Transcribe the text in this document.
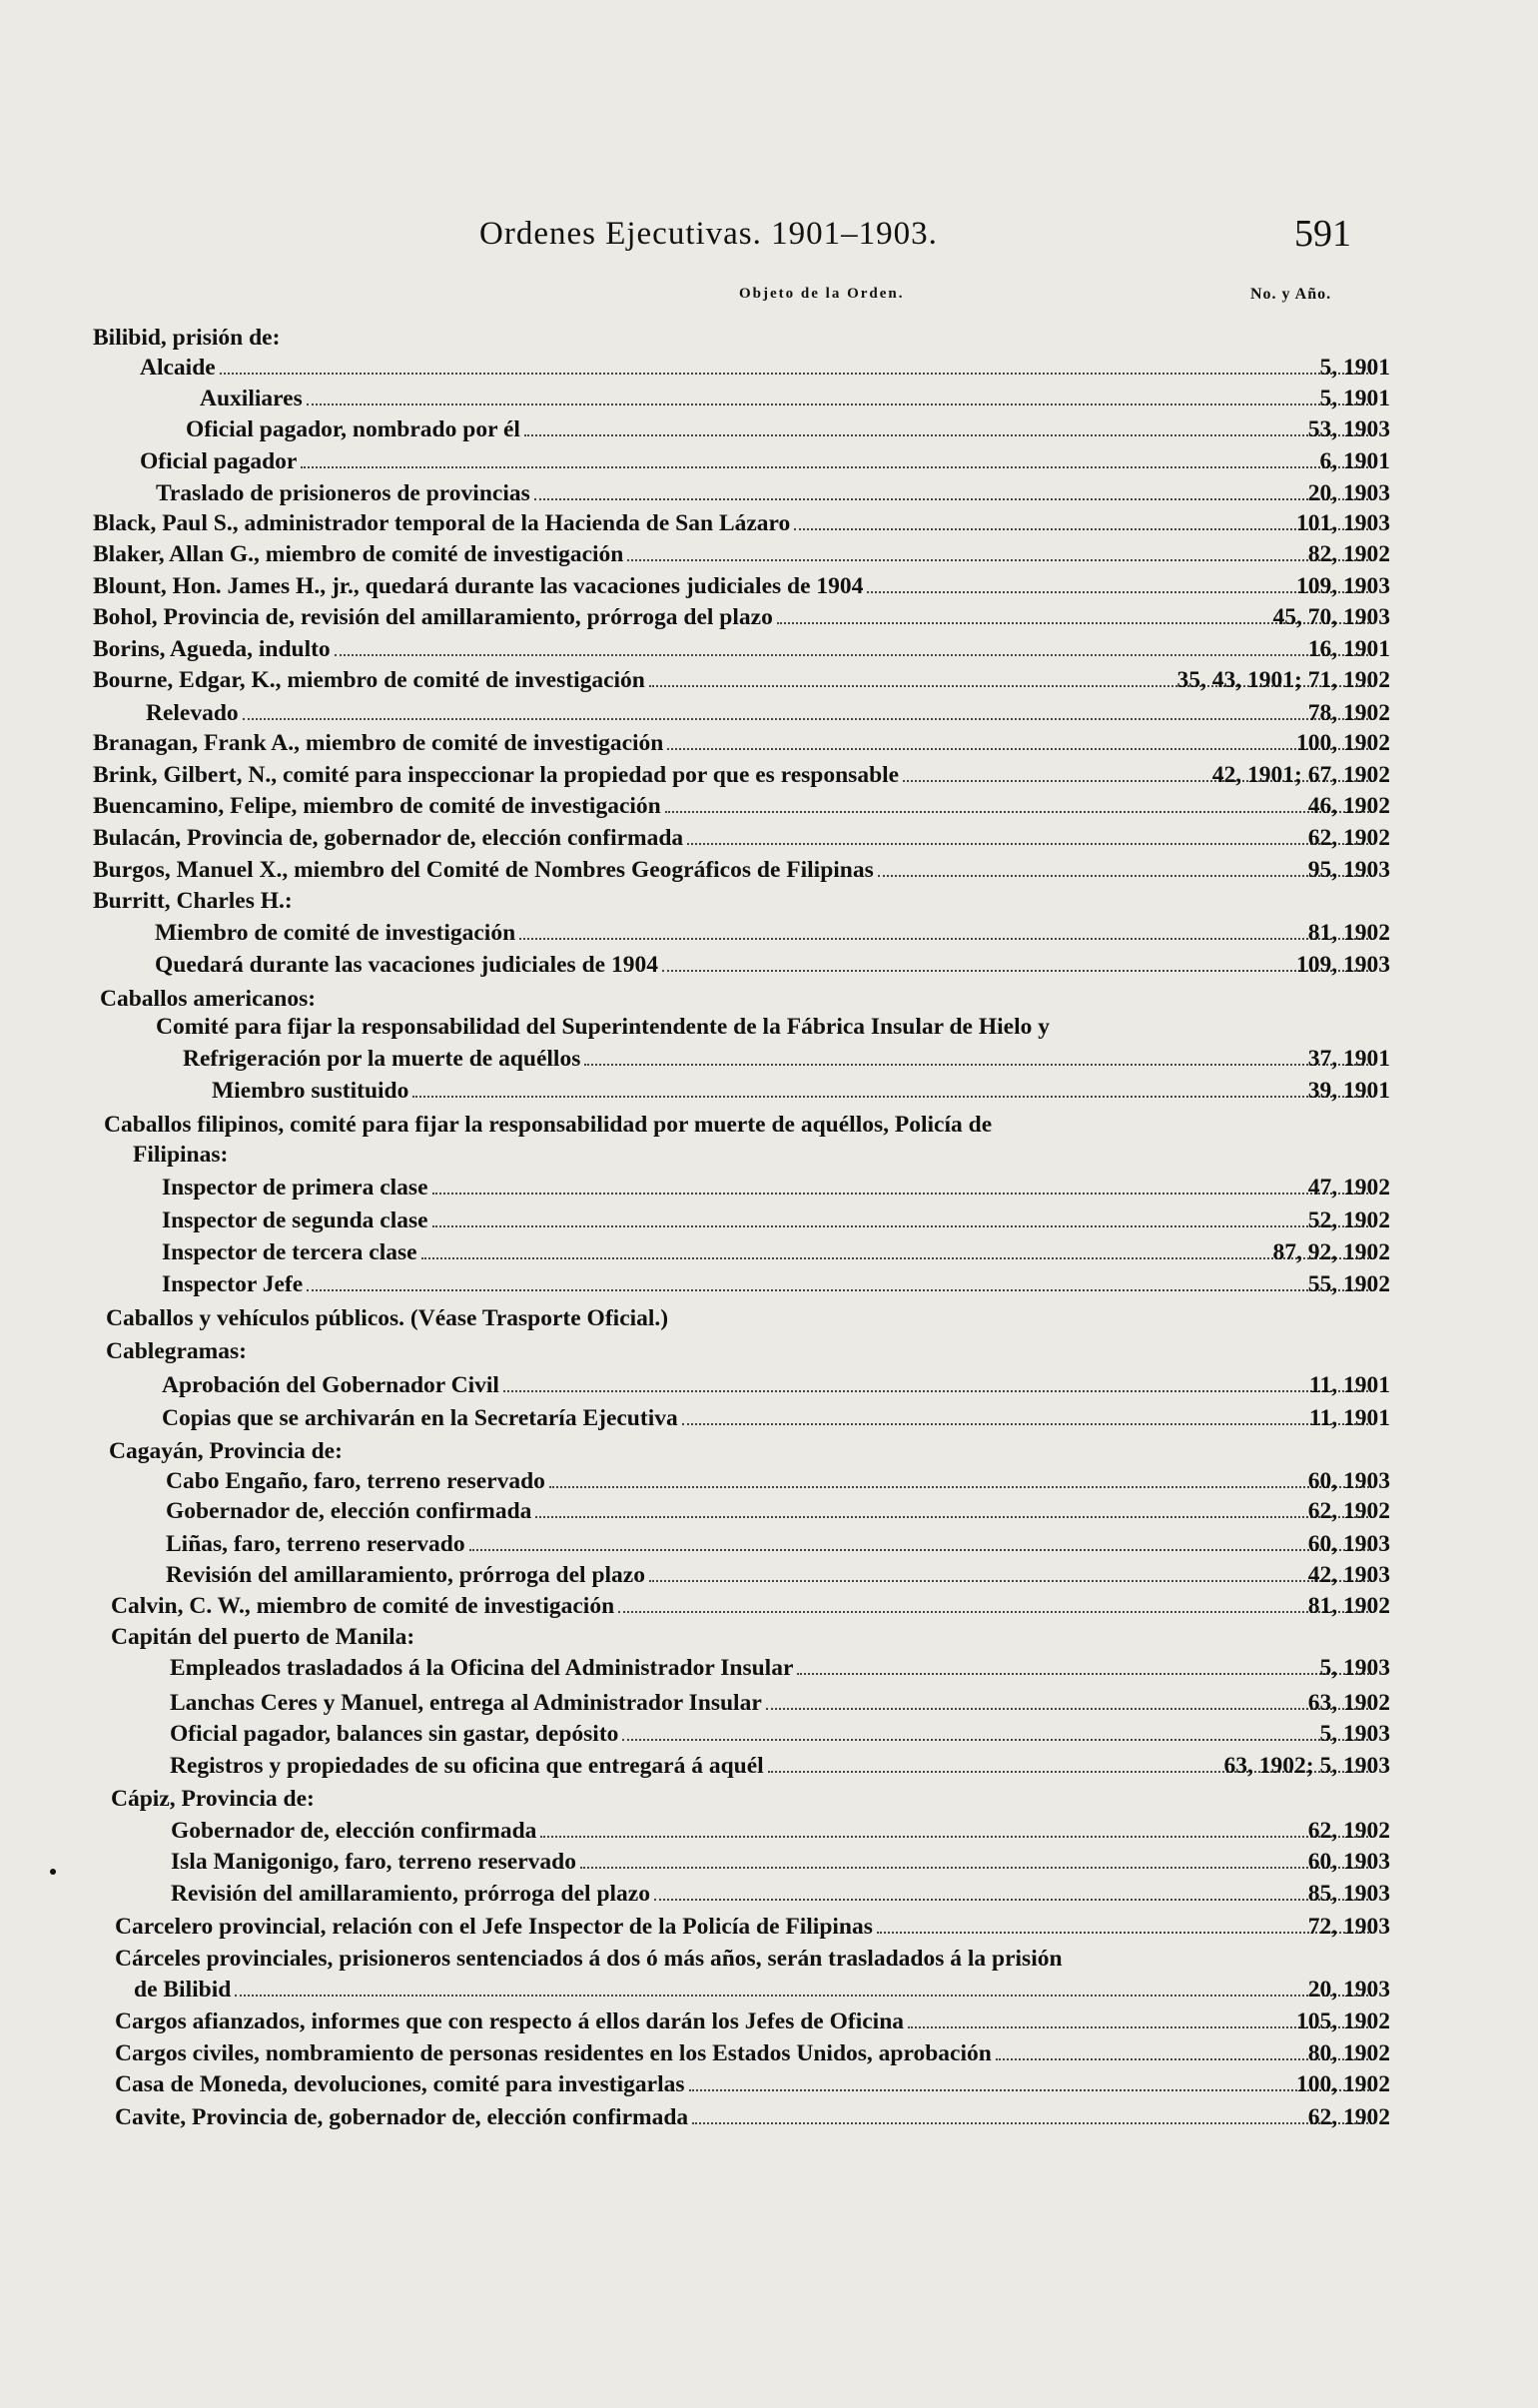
Ordenes Ejecutivas. 1901–1903.	591
Objeto de la Orden.	No. y Año.
Bilibid, prisión de:
Alcaide	5, 1901
Auxiliares	5, 1901
Oficial pagador, nombrado por él	53, 1903
Oficial pagador	6, 1901
Traslado de prisioneros de provincias	20, 1903
Black, Paul S., administrador temporal de la Hacienda de San Lázaro	101, 1903
Blaker, Allan G., miembro de comité de investigación	82, 1902
Blount, Hon. James H., jr., quedará durante las vacaciones judiciales de 1904	109, 1903
Bohol, Provincia de, revisión del amillaramiento, prórroga del plazo	45, 70, 1903
Borins, Agueda, indulto	16, 1901
Bourne, Edgar, K., miembro de comité de investigación	35, 43, 1901; 71, 1902
Relevado	78, 1902
Branagan, Frank A., miembro de comité de investigación	100, 1902
Brink, Gilbert, N., comité para inspeccionar la propiedad por que es responsable	42, 1901; 67, 1902
Buencamino, Felipe, miembro de comité de investigación	46, 1902
Bulacán, Provincia de, gobernador de, elección confirmada	62, 1902
Burgos, Manuel X., miembro del Comité de Nombres Geográficos de Filipinas	95, 1903
Burritt, Charles H.:
Miembro de comité de investigación	81, 1902
Quedará durante las vacaciones judiciales de 1904	109, 1903
Caballos americanos:
Comité para fijar la responsabilidad del Superintendente de la Fábrica Insular de Hielo y
Refrigeración por la muerte de aquéllos	37, 1901
Miembro sustituido	39, 1901
Caballos filipinos, comité para fijar la responsabilidad por muerte de aquéllos, Policía de
Filipinas:
Inspector de primera clase	47, 1902
Inspector de segunda clase	52, 1902
Inspector de tercera clase	87, 92, 1902
Inspector Jefe	55, 1902
Caballos y vehículos públicos. (Véase Trasporte Oficial.)
Cablegramas:
Aprobación del Gobernador Civil	11, 1901
Copias que se archivarán en la Secretaría Ejecutiva	11, 1901
Cagayán, Provincia de:
Cabo Engaño, faro, terreno reservado	60, 1903
Gobernador de, elección confirmada	62, 1902
Liñas, faro, terreno reservado	60, 1903
Revisión del amillaramiento, prórroga del plazo	42, 1903
Calvin, C. W., miembro de comité de investigación	81, 1902
Capitán del puerto de Manila:
Empleados trasladados á la Oficina del Administrador Insular	5, 1903
Lanchas Ceres y Manuel, entrega al Administrador Insular	63, 1902
Oficial pagador, balances sin gastar, depósito	5, 1903
Registros y propiedades de su oficina que entregará á aquél	63, 1902; 5, 1903
Cápiz, Provincia de:
Gobernador de, elección confirmada	62, 1902
Isla Manigonigo, faro, terreno reservado	60, 1903
Revisión del amillaramiento, prórroga del plazo	85, 1903
Carcelero provincial, relación con el Jefe Inspector de la Policía de Filipinas	72, 1903
Cárceles provinciales, prisioneros sentenciados á dos ó más años, serán trasladados á la prisión
de Bilibid	20, 1903
Cargos afianzados, informes que con respecto á ellos darán los Jefes de Oficina	105, 1902
Cargos civiles, nombramiento de personas residentes en los Estados Unidos, aprobación	80, 1902
Casa de Moneda, devoluciones, comité para investigarlas	100, 1902
Cavite, Provincia de, gobernador de, elección confirmada	62, 1902
